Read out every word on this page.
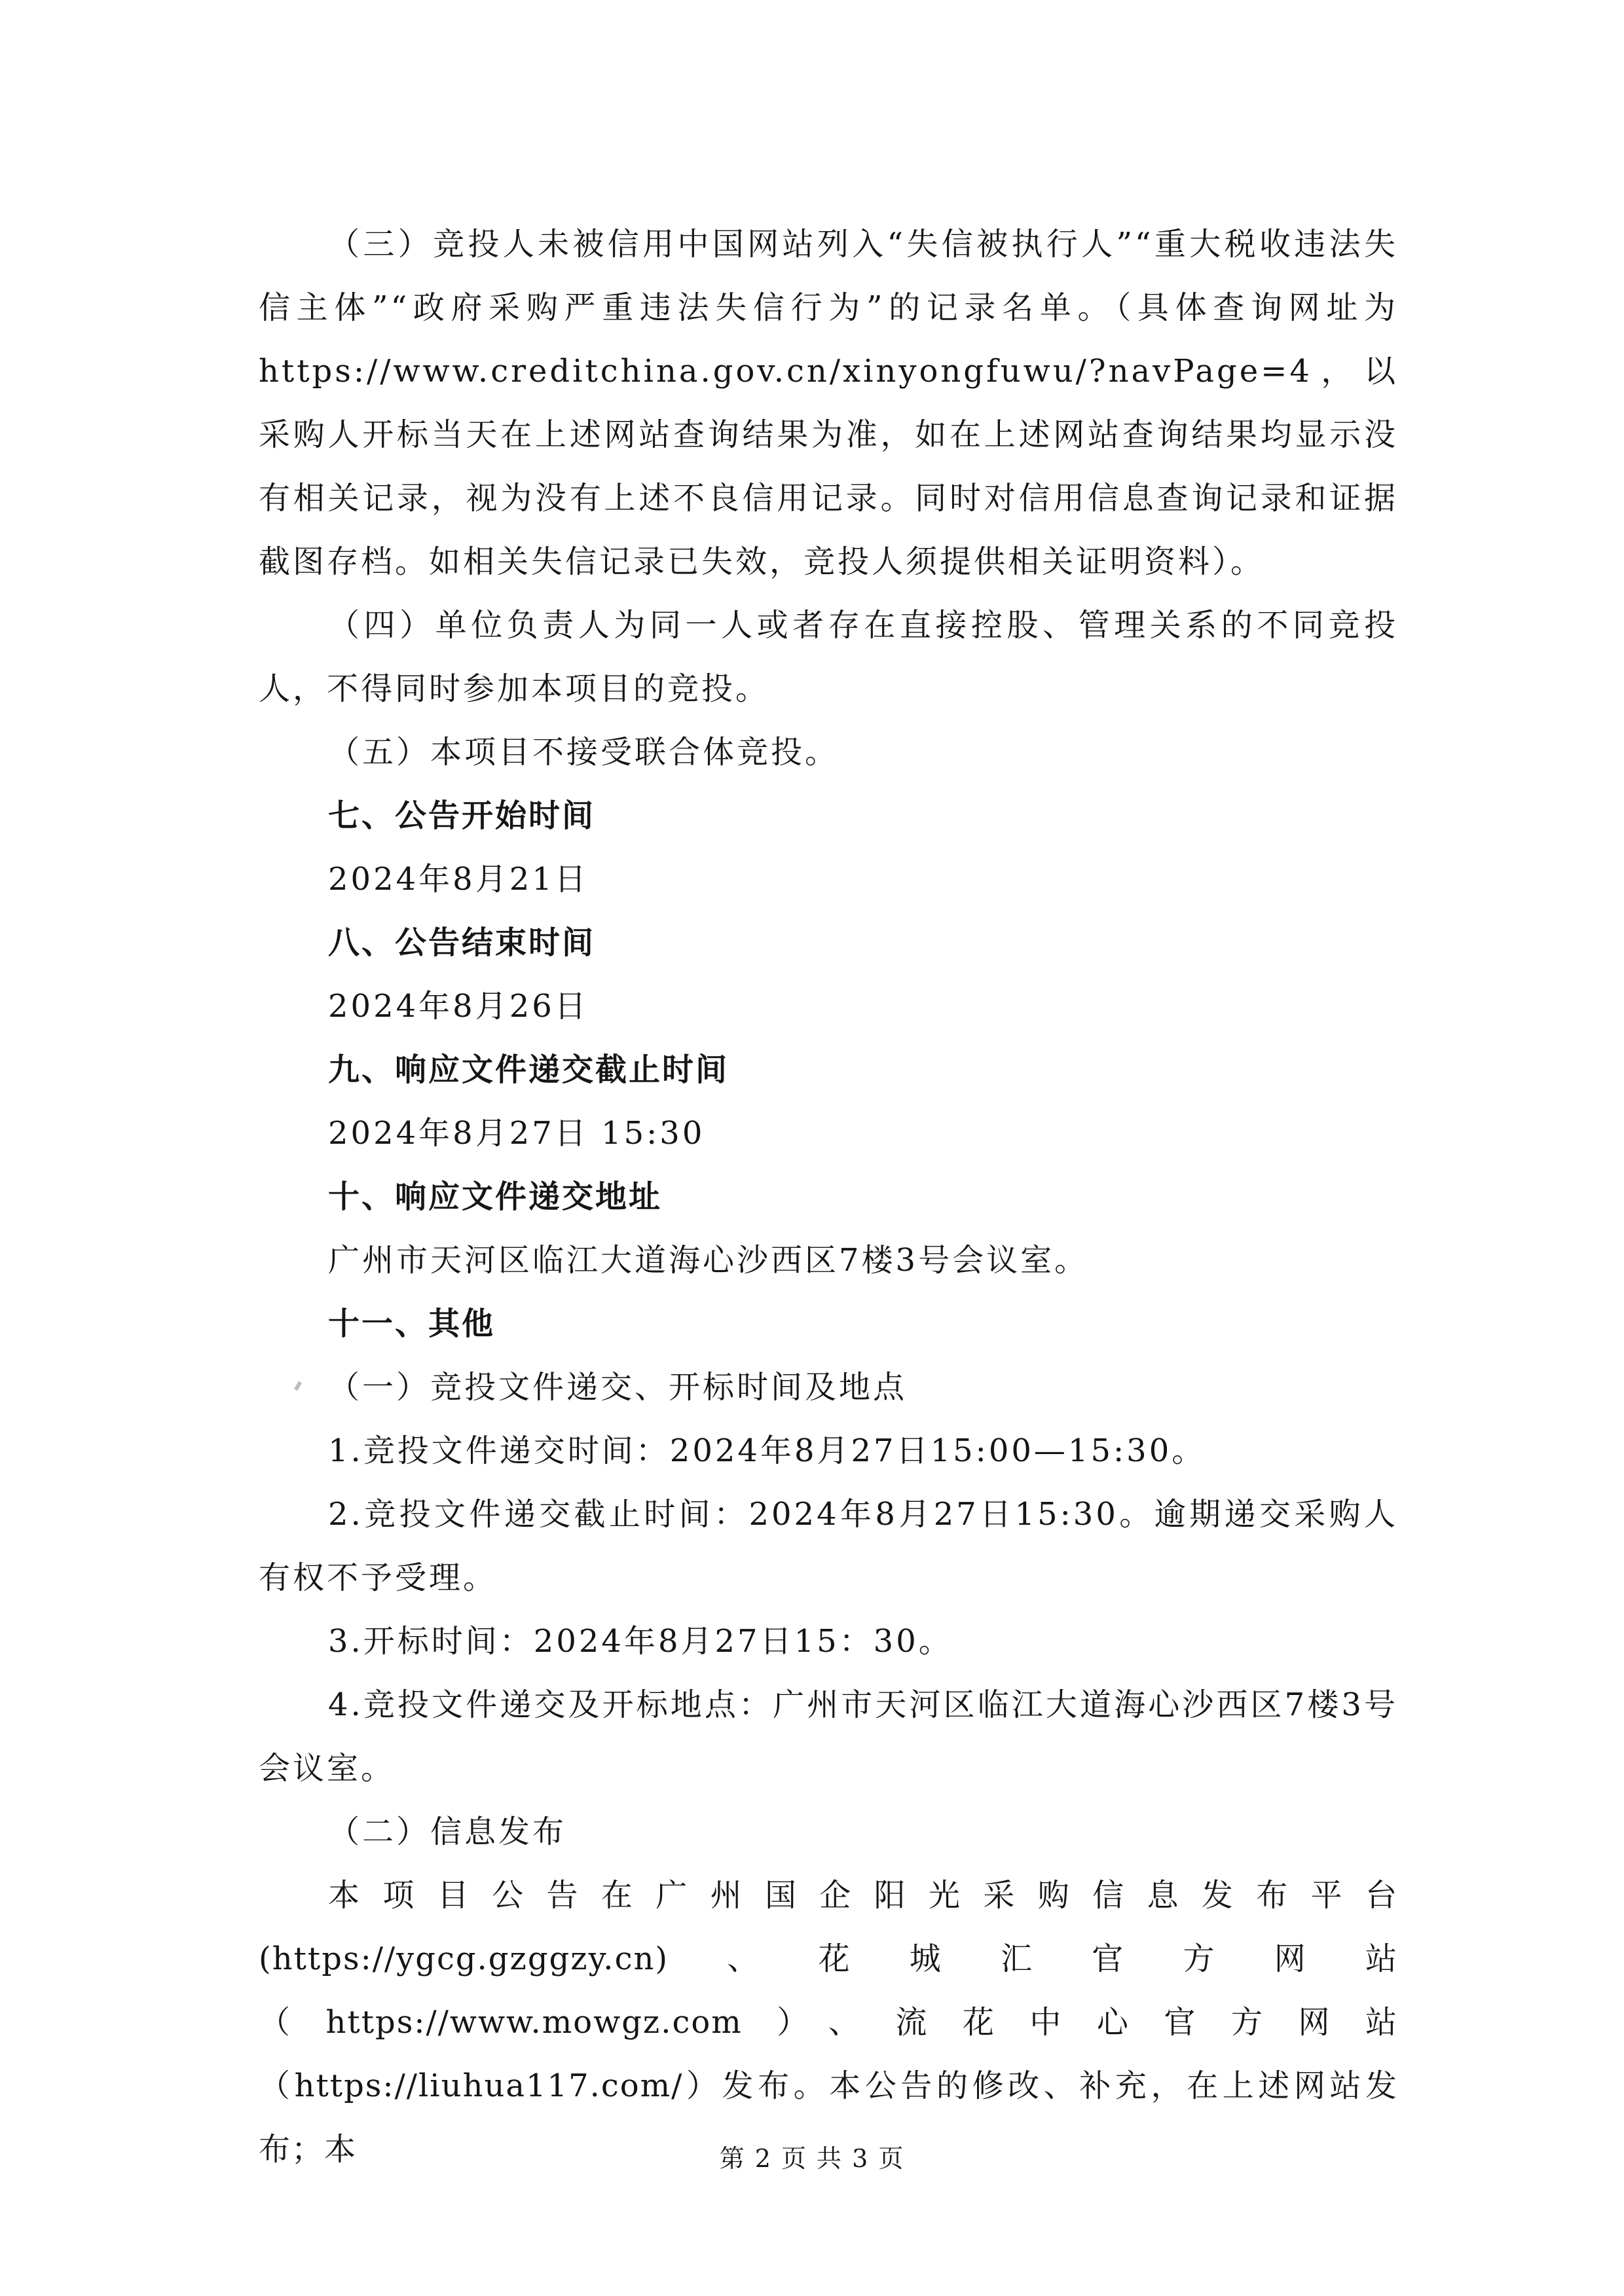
（三）竞投人未被信用中国网站列入“失信被执行人”“重大税收违法失信主体”“政府采购严重违法失信行为”的记录名单。（具体查询网址为https://www.creditchina.gov.cn/xinyongfuwu/?navPage=4，以采购人开标当天在上述网站查询结果为准，如在上述网站查询结果均显示没有相关记录，视为没有上述不良信用记录。同时对信用信息查询记录和证据截图存档。如相关失信记录已失效，竞投人须提供相关证明资料）。

（四）单位负责人为同一人或者存在直接控股、管理关系的不同竞投人，不得同时参加本项目的竞投。

（五）本项目不接受联合体竞投。

七、公告开始时间

2024年8月21日

八、公告结束时间

2024年8月26日

九、响应文件递交截止时间

2024年8月27日 15:30

十、响应文件递交地址

广州市天河区临江大道海心沙西区7楼3号会议室。

十一、其他

（一）竞投文件递交、开标时间及地点

1.竞投文件递交时间：2024年8月27日15:00—15:30。

2.竞投文件递交截止时间：2024年8月27日15:30。逾期递交采购人有权不予受理。

3.开标时间：2024年8月27日15：30。

4.竞投文件递交及开标地点：广州市天河区临江大道海心沙西区7楼3号会议室。

（二）信息发布

本项目公告在广州国企阳光采购信息发布平台(https://ygcg.gzggzy.cn)、花城汇官方网站（https://www.mowgz.com）、流花中心官方网站（https://liuhua117.com/）发布。本公告的修改、补充，在上述网站发布；本	第 2 页 共 3 页
